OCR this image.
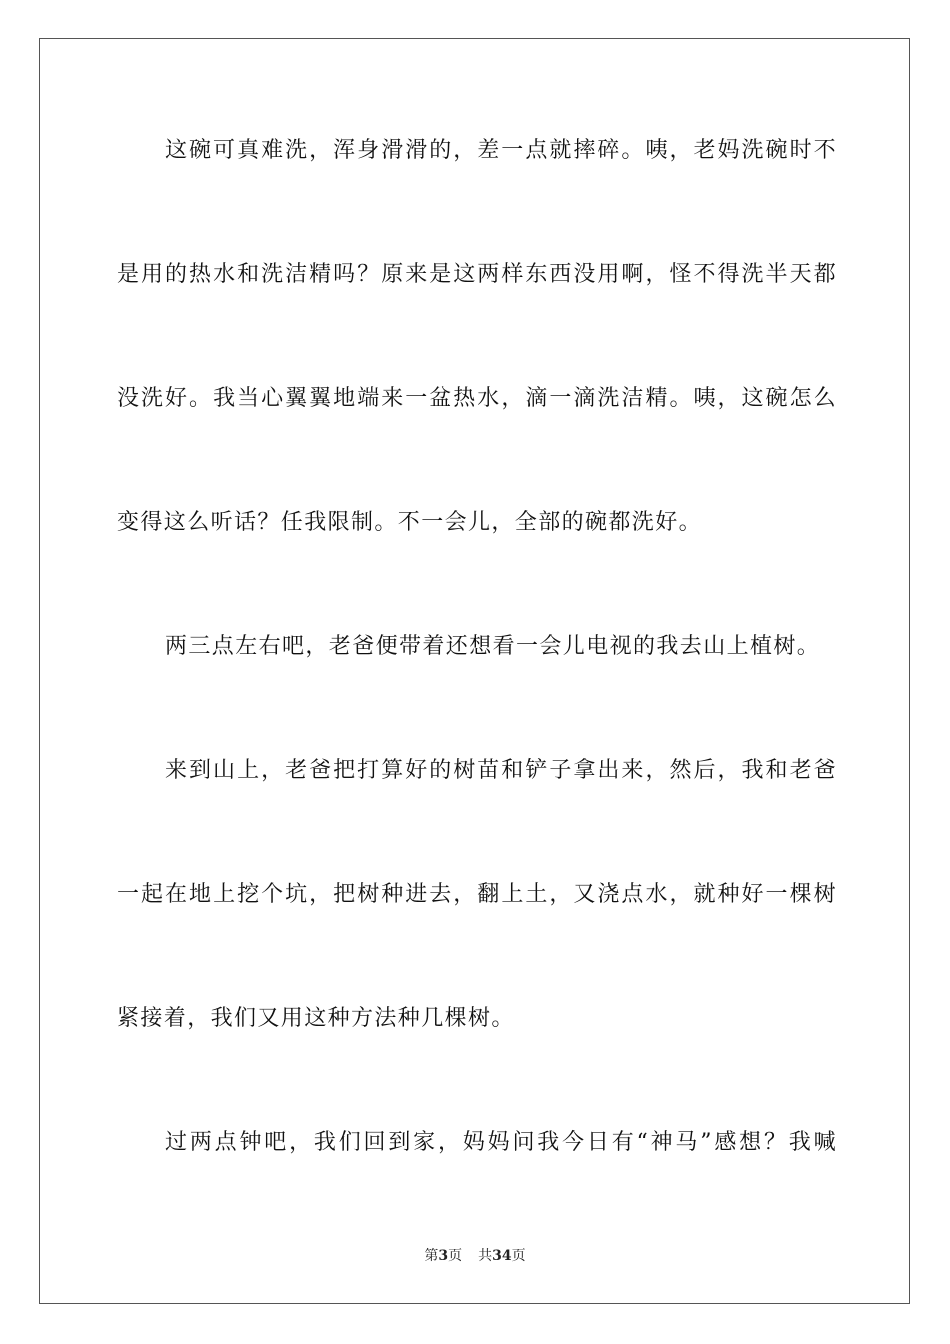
这碗可真难洗，浑身滑滑的，差一点就摔碎。咦，老妈洗碗时不
是用的热水和洗洁精吗？原来是这两样东西没用啊，怪不得洗半天都
没洗好。我当心翼翼地端来一盆热水，滴一滴洗洁精。咦，这碗怎么
变得这么听话？任我限制。不一会儿，全部的碗都洗好。
两三点左右吧，老爸便带着还想看一会儿电视的我去山上植树。
来到山上，老爸把打算好的树苗和铲子拿出来，然后，我和老爸
一起在地上挖个坑，把树种进去，翻上土，又浇点水，就种好一棵树
紧接着，我们又用这种方法种几棵树。
过两点钟吧，我们回到家，妈妈问我今日有“神马”感想？我喊
第3页 共34页
